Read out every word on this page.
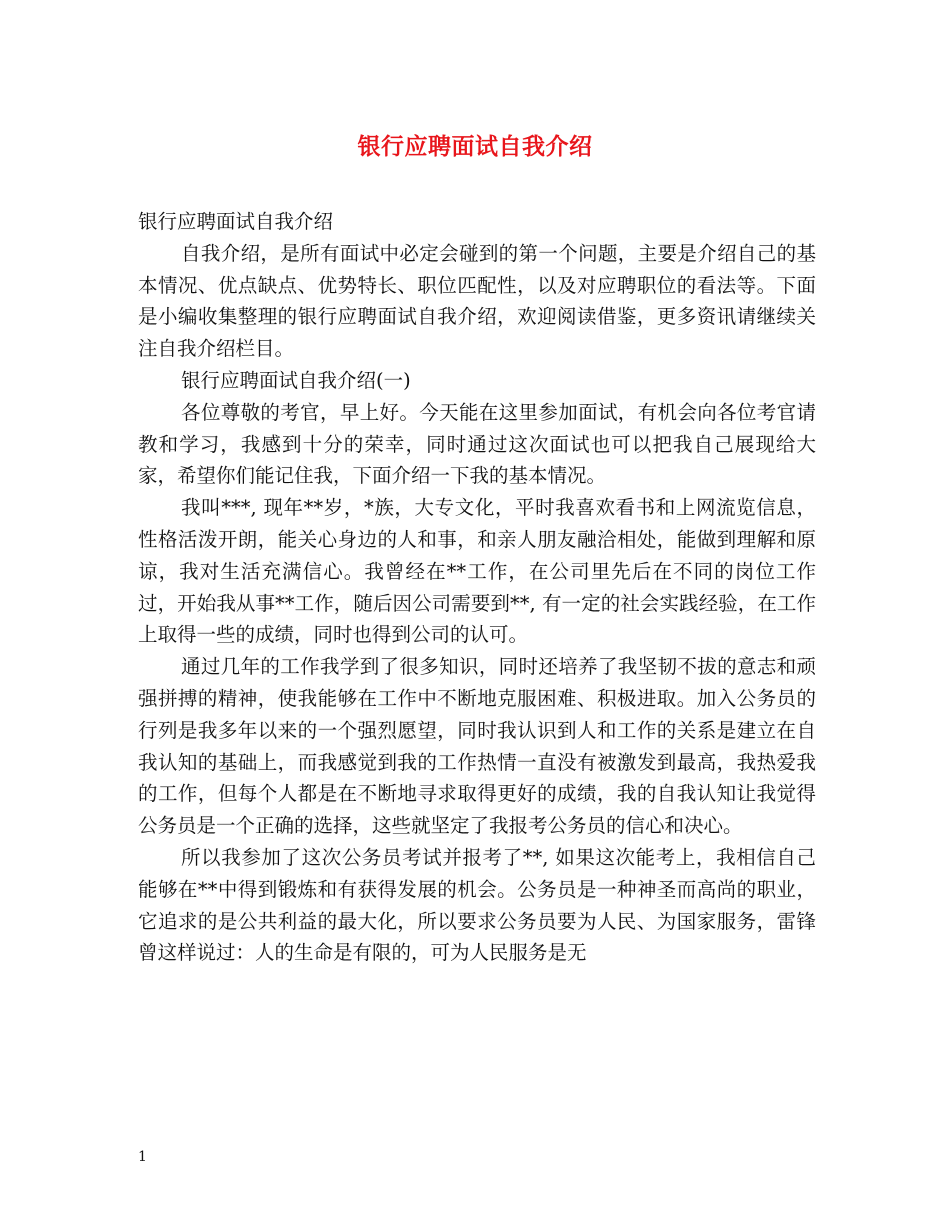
银行应聘面试自我介绍

银行应聘面试自我介绍

自我介绍，是所有面试中必定会碰到的第一个问题，主要是介绍自己的基本情况、优点缺点、优势特长、职位匹配性，以及对应聘职位的看法等。下面是小编收集整理的银行应聘面试自我介绍，欢迎阅读借鉴，更多资讯请继续关注自我介绍栏目。

银行应聘面试自我介绍(一)

各位尊敬的考官，早上好。今天能在这里参加面试，有机会向各位考官请教和学习，我感到十分的荣幸，同时通过这次面试也可以把我自己展现给大家，希望你们能记住我，下面介绍一下我的基本情况。

我叫***, 现年**岁，*族，大专文化，平时我喜欢看书和上网流览信息，性格活泼开朗，能关心身边的人和事，和亲人朋友融洽相处，能做到理解和原谅，我对生活充满信心。我曾经在**工作，在公司里先后在不同的岗位工作过，开始我从事**工作，随后因公司需要到**, 有一定的社会实践经验，在工作上取得一些的成绩，同时也得到公司的认可。

通过几年的工作我学到了很多知识，同时还培养了我坚韧不拔的意志和顽强拼搏的精神，使我能够在工作中不断地克服困难、积极进取。加入公务员的行列是我多年以来的一个强烈愿望，同时我认识到人和工作的关系是建立在自我认知的基础上，而我感觉到我的工作热情一直没有被激发到最高，我热爱我的工作，但每个人都是在不断地寻求取得更好的成绩，我的自我认知让我觉得公务员是一个正确的选择，这些就坚定了我报考公务员的信心和决心。

所以我参加了这次公务员考试并报考了**, 如果这次能考上，我相信自己能够在**中得到锻炼和有获得发展的机会。公务员是一种神圣而高尚的职业，它追求的是公共利益的最大化，所以要求公务员要为人民、为国家服务，雷锋曾这样说过：人的生命是有限的，可为人民服务是无

1
